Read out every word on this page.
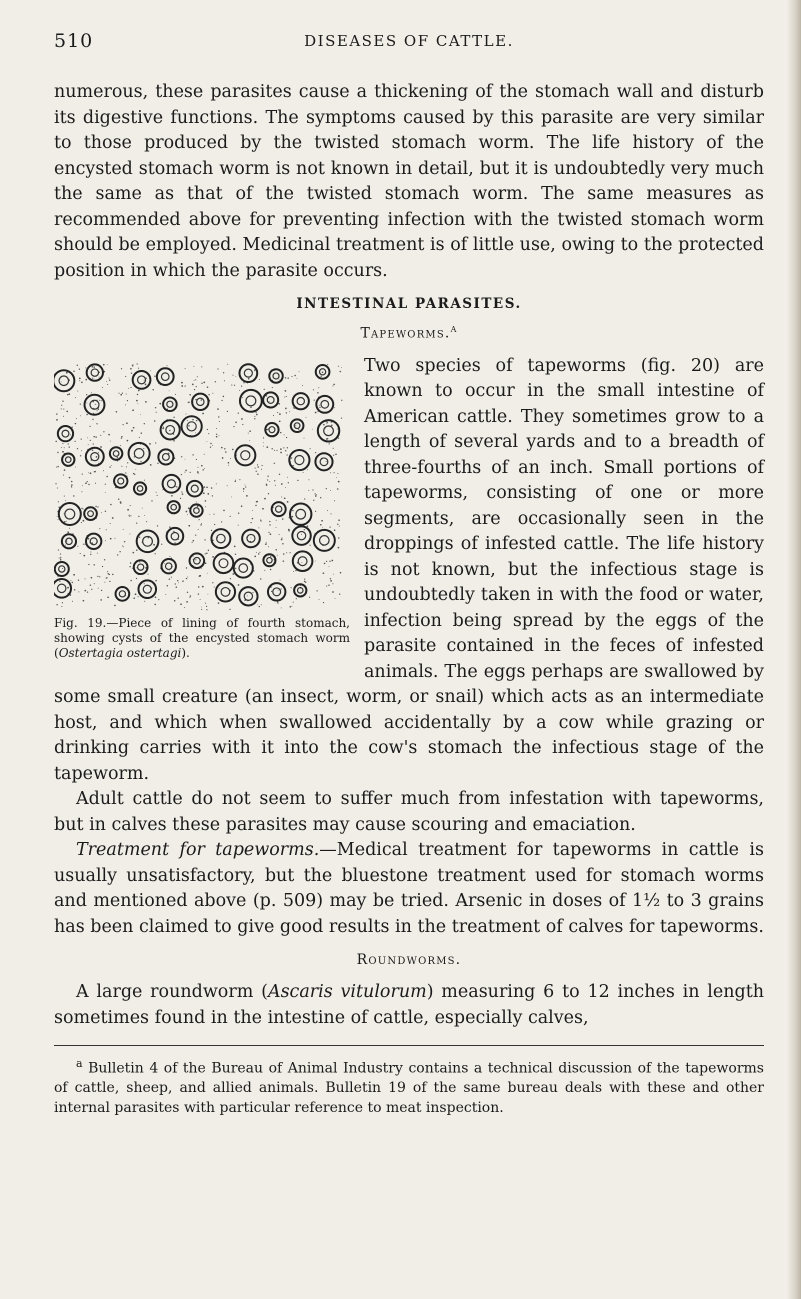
510	DISEASES OF CATTLE.

numerous, these parasites cause a thickening of the stomach wall and disturb its digestive functions. The symptoms caused by this parasite are very similar to those produced by the twisted stomach worm. The life history of the encysted stomach worm is not known in detail, but it is undoubtedly very much the same as that of the twisted stomach worm. The same measures as recommended above for preventing infection with the twisted stomach worm should be employed. Medicinal treatment is of little use, owing to the protected position in which the parasite occurs.

INTESTINAL PARASITES.
Tapeworms.$^a$

Fig. 19.—Piece of lining of fourth stomach, showing cysts of the encysted stomach worm (Ostertagia ostertagi).
Two species of tapeworms (fig. 20) are known to occur in the small intestine of American cattle. They sometimes grow to a length of several yards and to a breadth of three-fourths of an inch. Small portions of tapeworms, consisting of one or more segments, are occasionally seen in the droppings of infested cattle. The life history is not known, but the infectious stage is undoubtedly taken in with the food or water, infection being spread by the eggs of the parasite contained in the feces of infested animals. The eggs perhaps are swallowed by some small creature (an insect, worm, or snail) which acts as an intermediate host, and which when swallowed accidentally by a cow while grazing or drinking carries with it into the cow's stomach the infectious stage of the tapeworm.

Adult cattle do not seem to suffer much from infestation with tapeworms, but in calves these parasites may cause scouring and emaciation.

Treatment for tapeworms.—Medical treatment for tapeworms in cattle is usually unsatisfactory, but the bluestone treatment used for stomach worms and mentioned above (p. 509) may be tried. Arsenic in doses of 1½ to 3 grains has been claimed to give good results in the treatment of calves for tapeworms.

Roundworms.

A large roundworm (Ascaris vitulorum) measuring 6 to 12 inches in length sometimes found in the intestine of cattle, especially calves,

$^a$ Bulletin 4 of the Bureau of Animal Industry contains a technical discussion of the tapeworms of cattle, sheep, and allied animals. Bulletin 19 of the same bureau deals with these and other internal parasites with particular reference to meat inspection.
